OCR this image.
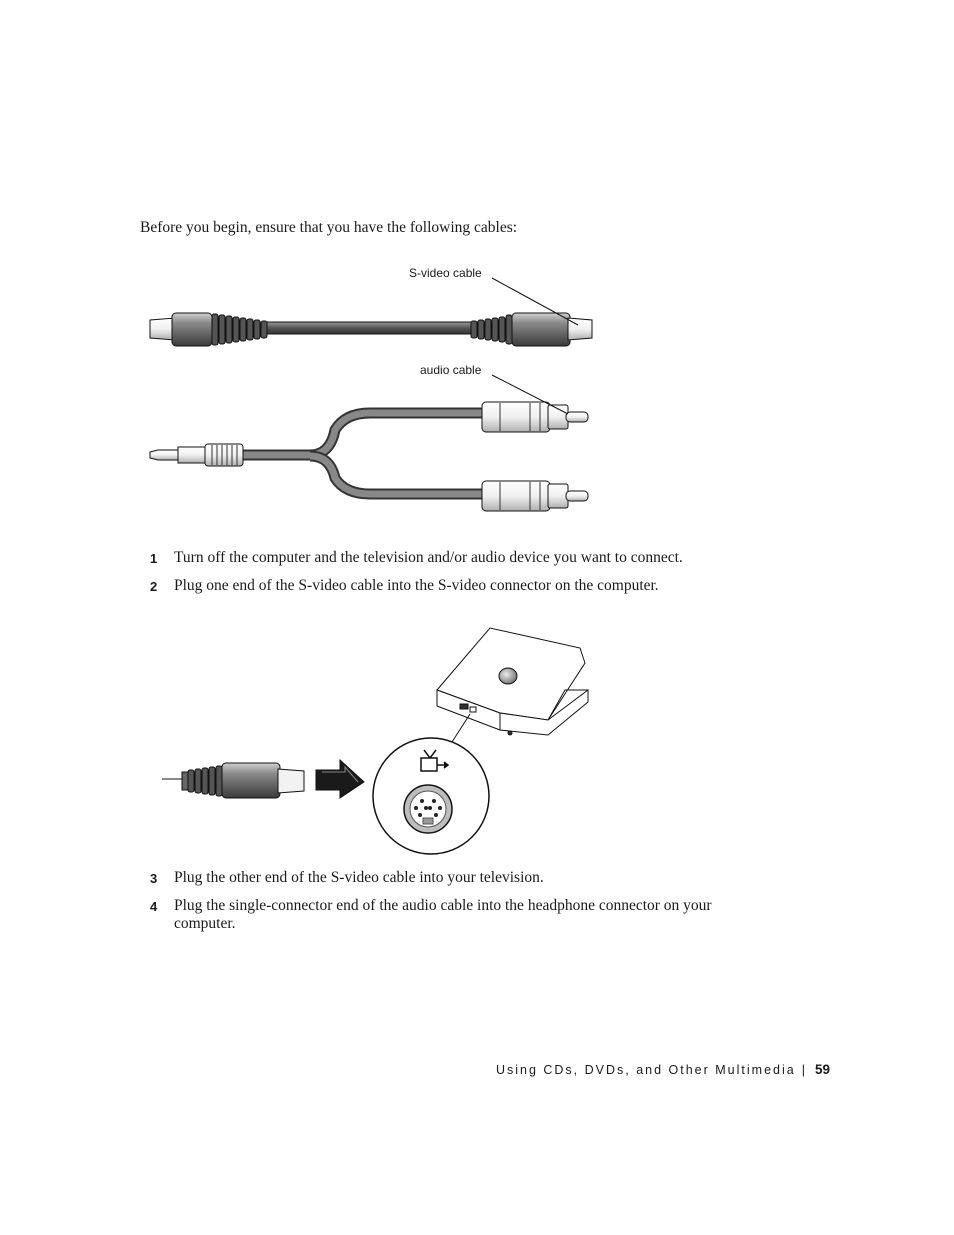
Before you begin, ensure that you have the following cables:
S-video cable
audio cable
1 Turn off the computer and the television and/or audio device you want to connect.
2 Plug one end of the S-video cable into the S-video connector on the computer.
3 Plug the other end of the S-video cable into your television.
4 Plug the single-connector end of the audio cable into the headphone connector on your computer.
Using CDs, DVDs, and Other Multimedia | 59
